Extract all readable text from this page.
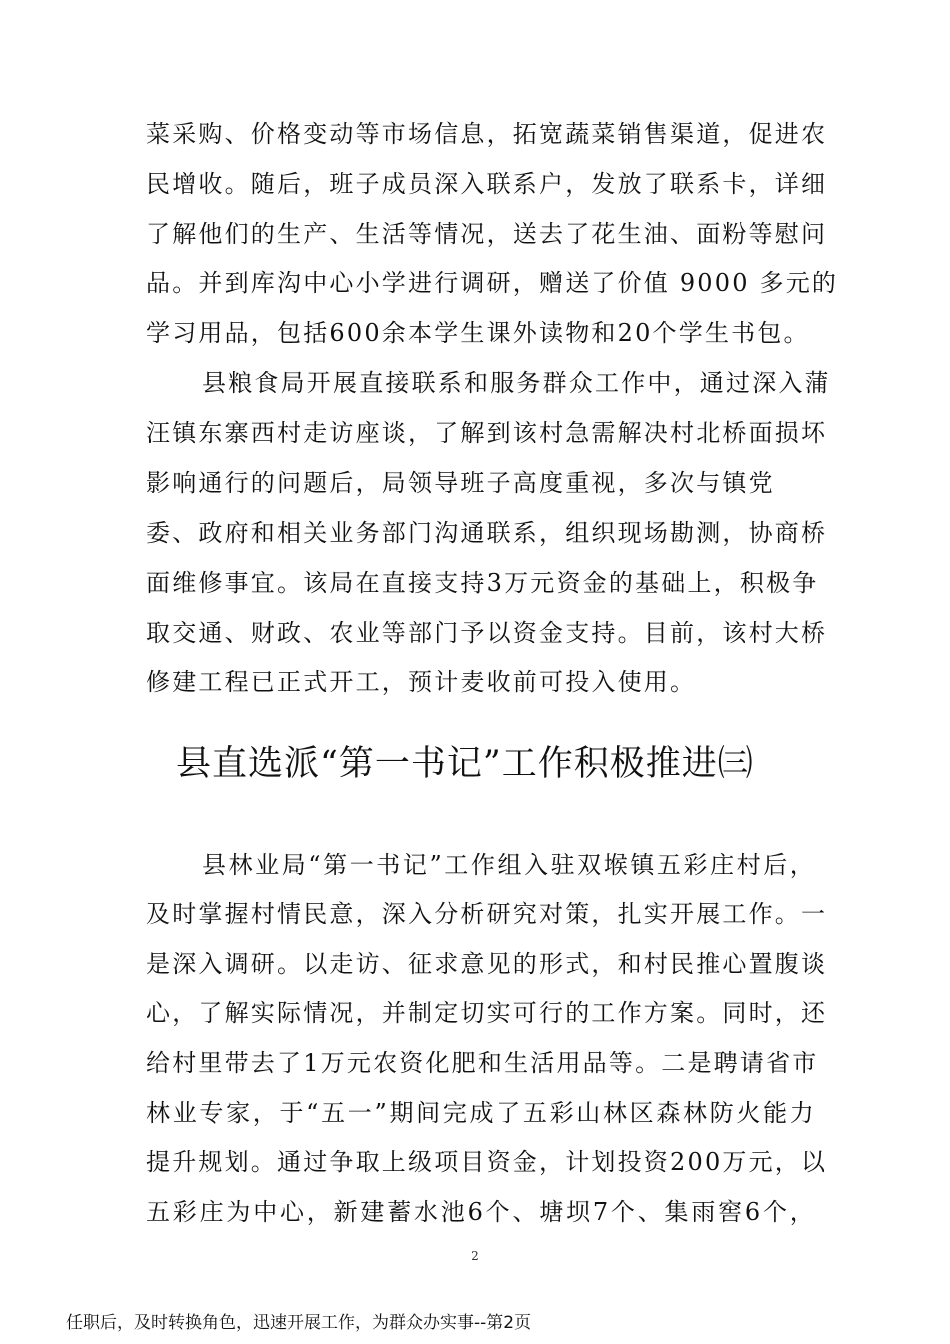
菜采购、价格变动等市场信息，拓宽蔬菜销售渠道，促进农
民增收。随后，班子成员深入联系户，发放了联系卡，详细
了解他们的生产、生活等情况，送去了花生油、面粉等慰问
品。并到库沟中心小学进行调研，赠送了价值 9000 多元的
学习用品，包括600余本学生课外读物和20个学生书包。
县粮食局开展直接联系和服务群众工作中，通过深入蒲
汪镇东寨西村走访座谈，了解到该村急需解决村北桥面损坏
影响通行的问题后，局领导班子高度重视，多次与镇党
委、政府和相关业务部门沟通联系，组织现场勘测，协商桥
面维修事宜。该局在直接支持3万元资金的基础上，积极争
取交通、财政、农业等部门予以资金支持。目前，该村大桥
修建工程已正式开工，预计麦收前可投入使用。
县直选派“第一书记”工作积极推进㈢
县林业局“第一书记”工作组入驻双堠镇五彩庄村后，
及时掌握村情民意，深入分析研究对策，扎实开展工作。一
是深入调研。以走访、征求意见的形式，和村民推心置腹谈
心，了解实际情况，并制定切实可行的工作方案。同时，还
给村里带去了1万元农资化肥和生活用品等。二是聘请省市
林业专家，于“五一”期间完成了五彩山林区森林防火能力
提升规划。通过争取上级项目资金，计划投资200万元，以
五彩庄为中心，新建蓄水池6个、塘坝7个、集雨窖6个，
2
任职后，及时转换角色，迅速开展工作，为群众办实事--第2页
